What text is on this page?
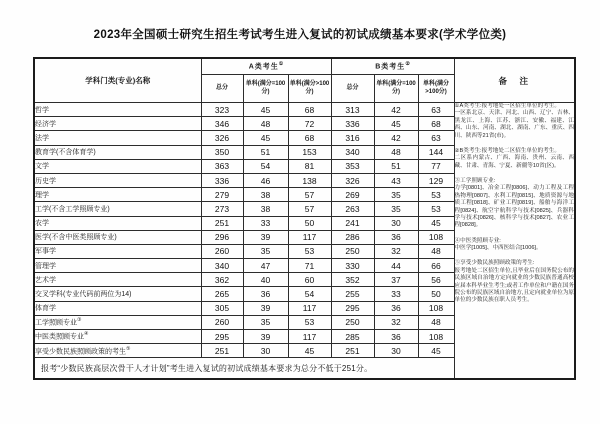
2023年全国硕士研究生招生考试考生进入复试的初试成绩基本要求(学术学位类)
学科门类(专业)名称	A类考生①			B类考生②			备　注
	总分	单科(满分=100分)	单科(满分>100分)	总分	单科(满分=100分)	单科(满分>100分)	
哲学	323	45	68	313	42	63	①A类考生:报考地处一区招生单位的考生。

一区系北京、天津、河北、山西、辽宁、吉林、黑龙江、上海、江苏、浙江、安徽、福建、江西、山东、河南、湖北、湖南、广东、重庆、四川、陕西等21省(市)。

②B类考生:报考地处二区招生单位的考生。

二区系内蒙古、广西、海南、贵州、云南、西藏、甘肃、青海、宁夏、新疆等10省(区)。

③工学照顾专业:

力学[0801]、冶金工程[0806]、动力工程及工程热物理[0807]、水利工程[0815]、地质资源与地质工程[0818]、矿业工程[0819]、船舶与海洋工程[0824]、航空宇航科学与技术[0825]、兵器科学与技术[0826]、核科学与技术[0827]、农业工程[0828]。

④中医类照顾专业:

中医学[1005]、中西医结合[1006]。

⑤享受少数民族照顾政策的考生:

报考地处二区招生单位,且毕业后在国务院公布的民族区域自治地方定向就业的少数民族普通高校应届本科毕业生考生;或者工作单位和户籍在国务院公布的民族区域自治地方,且定向就业单位为原单位的少数民族在职人员考生。

经济学	346	48	72	336	45	68	
法学	326	45	68	316	42	63	
教育学(不含体育学)	350	51	153	340	48	144	
文学	363	54	81	353	51	77	
历史学	336	46	138	326	43	129	
理学	279	38	57	269	35	53	
工学(不含工学照顾专业)	273	38	57	263	35	53	
农学	251	33	50	241	30	45	
医学(不含中医类照顾专业)	296	39	117	286	36	108	
军事学	260	35	53	250	32	48	
管理学	340	47	71	330	44	66	
艺术学	362	40	60	352	37	56	
交叉学科(专业代码前两位为14)	265	36	54	255	33	50	
体育学	305	39	117	295	36	108	
工学照顾专业③	260	35	53	250	32	48	
中医类照顾专业④	295	39	117	285	36	108	
享受少数民族照顾政策的考生⑤	251	30	45	251	30	45	
报考“少数民族高层次骨干人才计划”考生进入复试的初试成绩基本要求为总分不低于251分。							
